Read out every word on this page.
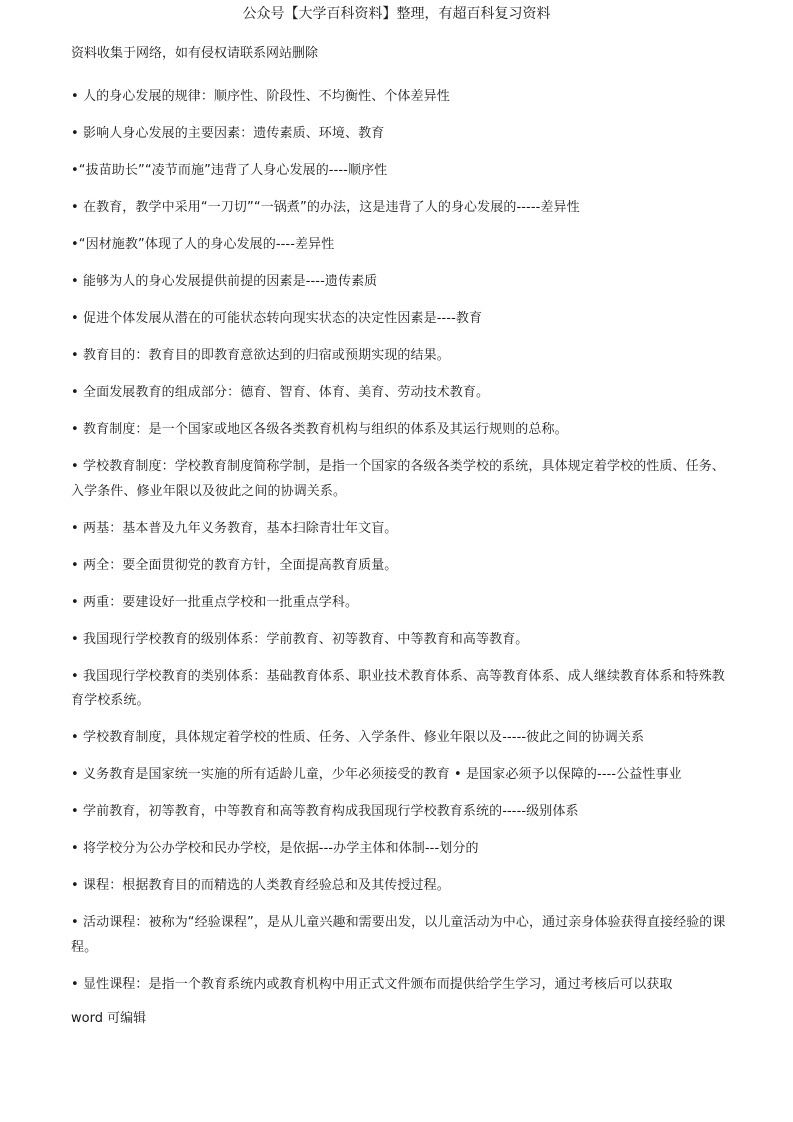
公众号【大学百科资料】整理，有超百科复习资料
资料收集于网络，如有侵权请联系网站删除

• 人的身心发展的规律：顺序性、阶段性、不均衡性、个体差异性

• 影响人身心发展的主要因素：遗传素质、环境、教育

•“拔苗助长”“凌节而施”违背了人身心发展的----顺序性

• 在教育，教学中采用“一刀切”“一锅煮”的办法，这是违背了人的身心发展的-----差异性

•“因材施教”体现了人的身心发展的----差异性

• 能够为人的身心发展提供前提的因素是----遗传素质

• 促进个体发展从潜在的可能状态转向现实状态的决定性因素是----教育

• 教育目的：教育目的即教育意欲达到的归宿或预期实现的结果。

• 全面发展教育的组成部分：德育、智育、体育、美育、劳动技术教育。

• 教育制度：是一个国家或地区各级各类教育机构与组织的体系及其运行规则的总称。

• 学校教育制度：学校教育制度简称学制，是指一个国家的各级各类学校的系统，具体规定着学校的性质、任务、入学条件、修业年限以及彼此之间的协调关系。

• 两基：基本普及九年义务教育，基本扫除青壮年文盲。

• 两全：要全面贯彻党的教育方针，全面提高教育质量。

• 两重：要建设好一批重点学校和一批重点学科。

• 我国现行学校教育的级别体系：学前教育、初等教育、中等教育和高等教育。

• 我国现行学校教育的类别体系：基础教育体系、职业技术教育体系、高等教育体系、成人继续教育体系和特殊教育学校系统。

• 学校教育制度，具体规定着学校的性质、任务、入学条件、修业年限以及-----彼此之间的协调关系

• 义务教育是国家统一实施的所有适龄儿童，少年必须接受的教育 • 是国家必须予以保障的----公益性事业

• 学前教育，初等教育，中等教育和高等教育构成我国现行学校教育系统的-----级别体系

• 将学校分为公办学校和民办学校，是依据---办学主体和体制---划分的

• 课程：根据教育目的而精选的人类教育经验总和及其传授过程。

• 活动课程：被称为“经验课程”，是从儿童兴趣和需要出发，以儿童活动为中心，通过亲身体验获得直接经验的课程。

• 显性课程：是指一个教育系统内或教育机构中用正式文件颁布而提供给学生学习，通过考核后可以获取

word 可编辑
